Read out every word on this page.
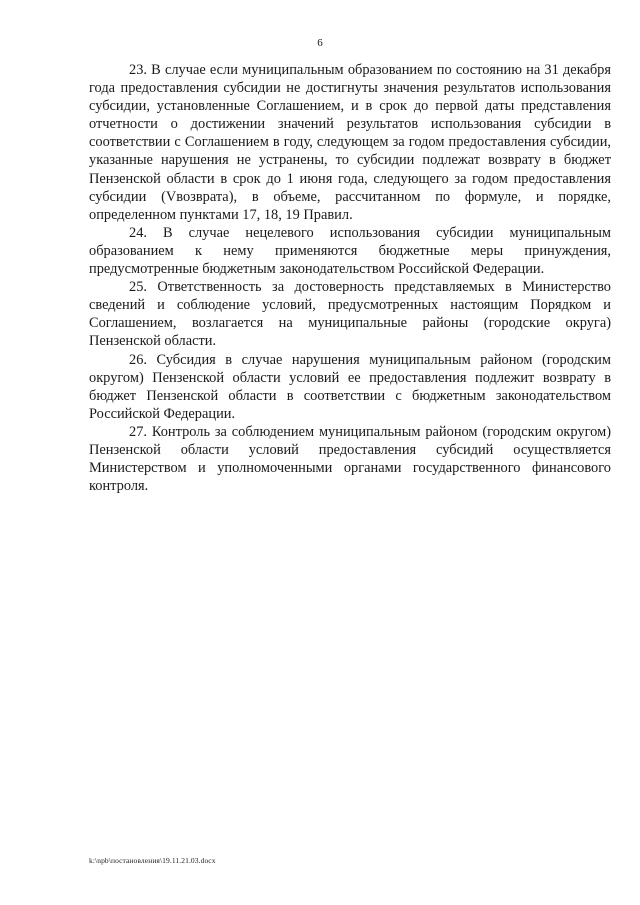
6

23. В случае если муниципальным образованием по состоянию на 31 декабря года предоставления субсидии не достигнуты значения результатов использования субсидии, установленные Соглашением, и в срок до первой даты представления отчетности о достижении значений результатов использования субсидии в соответствии с Соглашением в году, следующем за годом предоставления субсидии, указанные нарушения не устранены, то субсидии подлежат возврату в бюджет Пензенской области в срок до 1 июня года, следующего за годом предоставления субсидии (Vвозврата), в объеме, рассчитанном по формуле, и порядке, определенном пунктами 17, 18, 19 Правил.

24. В случае нецелевого использования субсидии муниципальным образованием к нему применяются бюджетные меры принуждения, предусмотренные бюджетным законодательством Российской Федерации.

25. Ответственность за достоверность представляемых в Министерство сведений и соблюдение условий, предусмотренных настоящим Порядком и Соглашением, возлагается на муниципальные районы (городские округа) Пензенской области.

26. Субсидия в случае нарушения муниципальным районом (городским округом) Пензенской области условий ее предоставления подлежит возврату в бюджет Пензенской области в соответствии с бюджетным законодательством Российской Федерации.

27. Контроль за соблюдением муниципальным районом (городским округом) Пензенской области условий предоставления субсидий осуществляется Министерством и уполномоченными органами государственного финансового контроля.

k:\npb\постановления\19.11.21.03.docx
